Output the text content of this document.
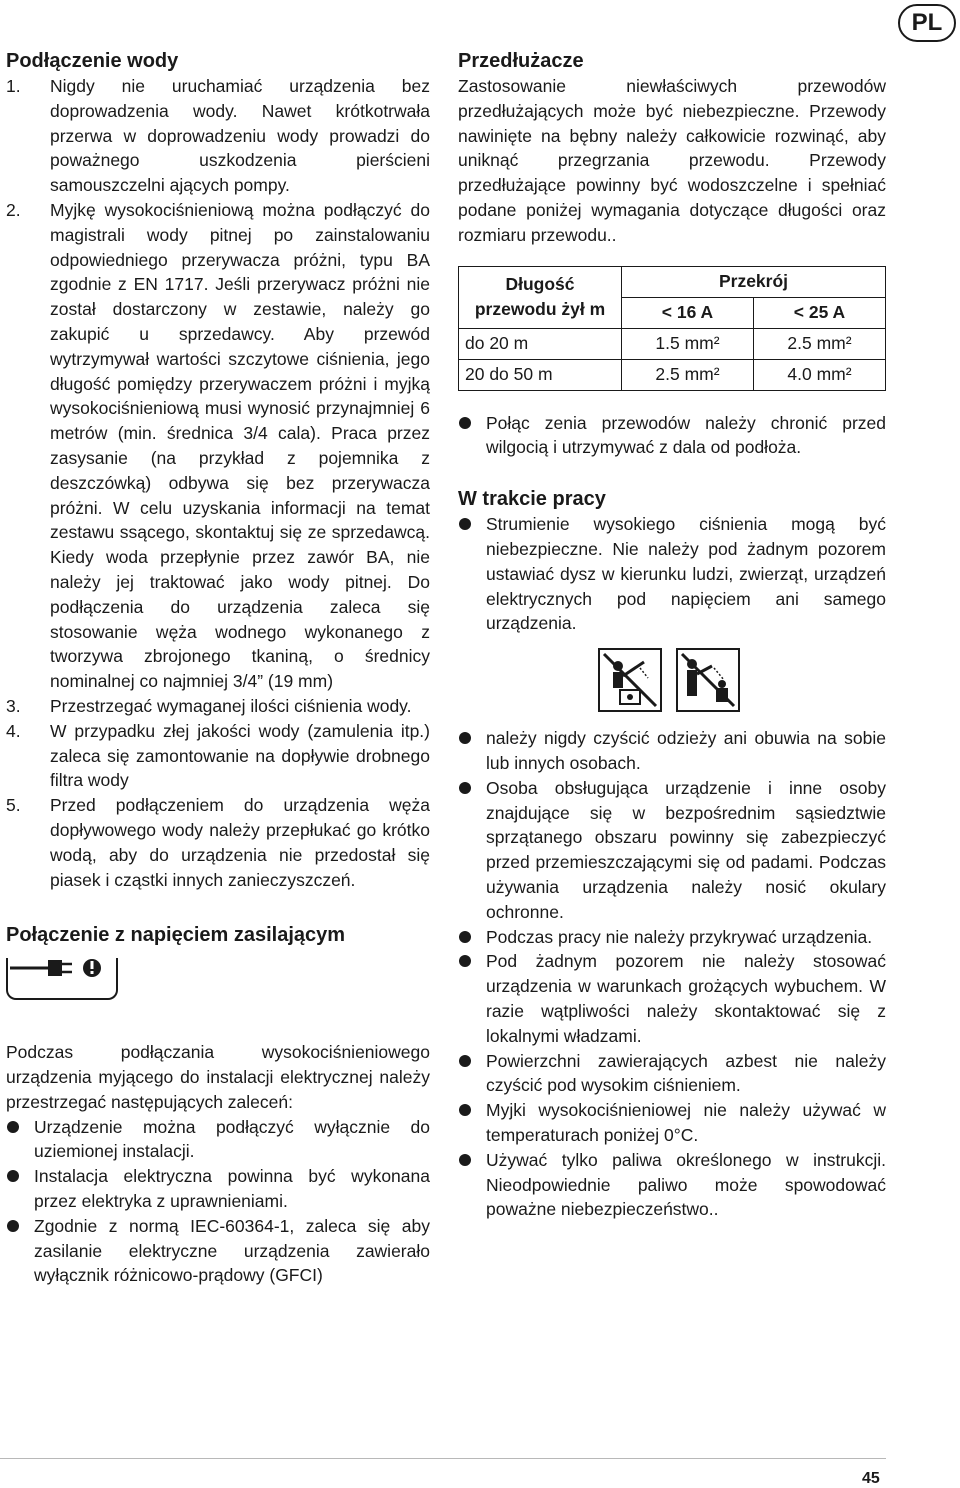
PL
Podłączenie wody
1. Nigdy nie uruchamiać urządzenia bez doprowadzenia wody. Nawet krótkotrwała przerwa w doprowadzeniu wody prowadzi do poważnego uszkodzenia pierścieni samouszczelni ających pompy.
2. Myjkę wysokociśnieniową można podłączyć do magistrali wody pitnej po zainstalowaniu odpowiedniego przerywacza próżni, typu BA zgodnie z EN 1717. Jeśli przerywacz próżni nie został dostarczony w zestawie, należy go zakupić u sprzedawcy. Aby przewód wytrzymywał wartości szczytowe ciśnienia, jego długość pomiędzy przerywaczem próżni i myjką wysokociśnieniową musi wynosić przynajmniej 6 metrów (min. średnica 3/4 cala). Praca przez zasysanie (na przykład z pojemnika z deszczówką) odbywa się bez przerywacza próżni. W celu uzyskania informacji na temat zestawu ssącego, skontaktuj się ze sprzedawcą. Kiedy woda przepłynie przez zawór BA, nie należy jej traktować jako wody pitnej. Do podłączenia do urządzenia zaleca się stosowanie węża wodnego wykonanego z tworzywa zbrojonego tkaniną, o średnicy nominalnej co najmniej 3/4” (19 mm)
3. Przestrzegać wymaganej ilości ciśnienia wody.
4. W przypadku złej jakości wody (zamulenia itp.) zaleca się zamontowanie na dopływie drobnego filtra wody
5. Przed podłączeniem do urządzenia węża dopływowego wody należy przepłukać go krótko wodą, aby do urządzenia nie przedostał się piasek i cząstki innych zanieczyszczeń.
Połączenie z napięciem zasilającym

Podczas podłączania wysokociśnieniowego urządzenia myjącego do instalacji elektrycznej należy przestrzegać następujących zaleceń:

Urządzenie można podłączyć wyłącznie do uziemionej instalacji.
Instalacja elektryczna powinna być wykonana przez elektryka z uprawnieniami.
Zgodnie z normą IEC-60364-1, zaleca się aby zasilanie elektryczne urządzenia zawierało wyłącznik różnicowo-prądowy (GFCI)
Przedłużacze

Zastosowanie niewłaściwych przewodów przedłużających może być niebezpieczne. Przewody nawinięte na bębny należy całkowicie rozwinąć, aby uniknąć przegrzania przewodu. Przewody przedłużające powinny być wodoszczelne i spełniać podane poniżej wymagania dotyczące długości oraz rozmiaru przewodu..

Długość przewodu żył m	Przekrój	
	< 16 A	< 25 A
do 20 m	1.5 mm²	2.5 mm²
20 do 50 m	2.5 mm²	4.0 mm²
Połąc zenia przewodów należy chronić przed wilgocią i utrzymywać z dala od podłoża.
W trakcie pracy
Strumienie wysokiego ciśnienia mogą być niebezpieczne. Nie należy pod żadnym pozorem ustawiać dysz w kierunku ludzi, zwierząt, urządzeń elektrycznych pod napięciem ani samego urządzenia.
należy nigdy czyścić odzieży ani obuwia na sobie lub innych osobach.
Osoba obsługująca urządzenie i inne osoby znajdujące się w bezpośrednim sąsiedztwie sprzątanego obszaru powinny się zabezpieczyć przed przemieszczającymi się od padami. Podczas używania urządzenia należy nosić okulary ochronne.
Podczas pracy nie należy przykrywać urządzenia.
Pod żadnym pozorem nie należy stosować urządzenia w warunkach grożących wybuchem. W razie wątpliwości należy skontaktować się z lokalnymi władzami.
Powierzchni zawierających azbest nie należy czyścić pod wysokim ciśnieniem.
Myjki wysokociśnieniowej nie należy używać w temperaturach poniżej 0°C.
Używać tylko paliwa określonego w instrukcji. Nieodpowiednie paliwo może spowodować poważne niebezpieczeństwo..
45
